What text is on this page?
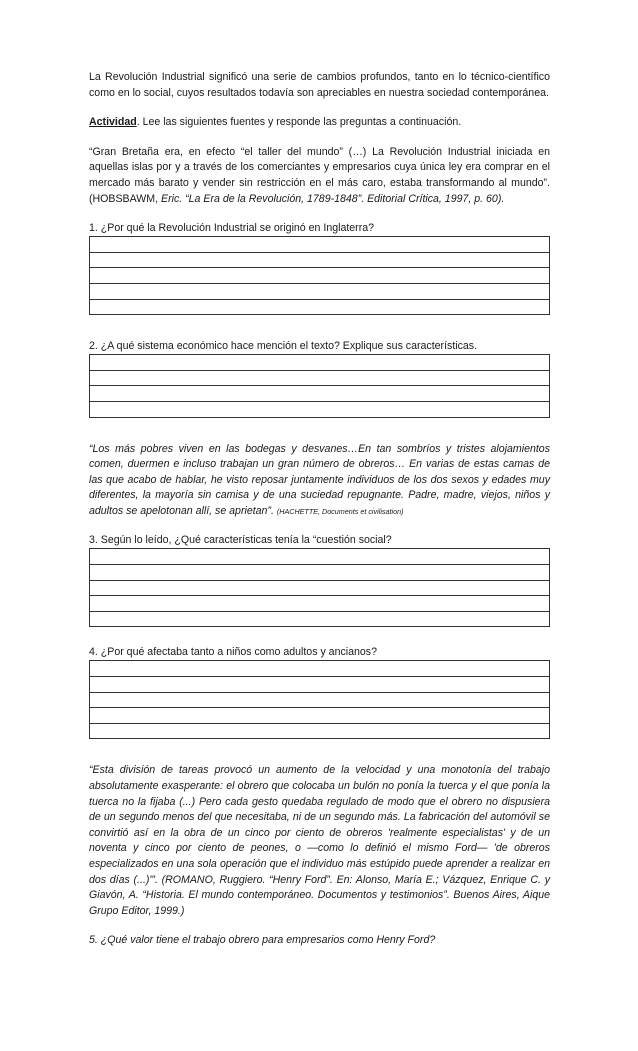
La Revolución Industrial significó una serie de cambios profundos, tanto en lo técnico-científico como en lo social, cuyos resultados todavía son apreciables en nuestra sociedad contemporánea.

Actividad. Lee las siguientes fuentes y responde las preguntas a continuación.

“Gran Bretaña era, en efecto “el taller del mundo” (…) La Revolución Industrial iniciada en aquellas islas por y a través de los comerciantes y empresarios cuya única ley era comprar en el mercado más barato y vender sin restricción en el más caro, estaba transformando al mundo”. (HOBSBAWM, Eric. “La Era de la Revolución, 1789-1848”. Editorial Crítica, 1997, p. 60).

1. ¿Por qué la Revolución Industrial se originó en Inglaterra?

2. ¿A qué sistema económico hace mención el texto? Explique sus características.

“Los más pobres viven en las bodegas y desvanes…En tan sombríos y tristes alojamientos comen, duermen e incluso trabajan un gran número de obreros… En varias de estas camas de las que acabo de hablar, he visto reposar juntamente individuos de los dos sexos y edades muy diferentes, la mayoría sin camisa y de una suciedad repugnante. Padre, madre, viejos, niños y adultos se apelotonan allí, se aprietan”. (HACHETTE, Documents et civilisation)

3. Según lo leído, ¿Qué características tenía la “cuestión social?

4. ¿Por qué afectaba tanto a niños como adultos y ancianos?

“Esta división de tareas provocó un aumento de la velocidad y una monotonía del trabajo absolutamente exasperante: el obrero que colocaba un bulón no ponía la tuerca y el que ponía la tuerca no la fijaba (...) Pero cada gesto quedaba regulado de modo que el obrero no dispusiera de un segundo menos del que necesitaba, ni de un segundo más. La fabricación del automóvil se convirtió así en la obra de un cinco por ciento de obreros 'realmente especialistas' y de un noventa y cinco por ciento de peones, o —como lo definió el mismo Ford— 'de obreros especializados en una sola operación que el individuo más estúpido puede aprender a realizar en dos días (...)'”. (ROMANO, Ruggiero. “Henry Ford”. En: Alonso, María E.; Vázquez, Enrique C. y Giavón, A. “Historia. El mundo contemporáneo. Documentos y testimonios”. Buenos Aires, Aique Grupo Editor, 1999.)

5. ¿Qué valor tiene el trabajo obrero para empresarios como Henry Ford?
